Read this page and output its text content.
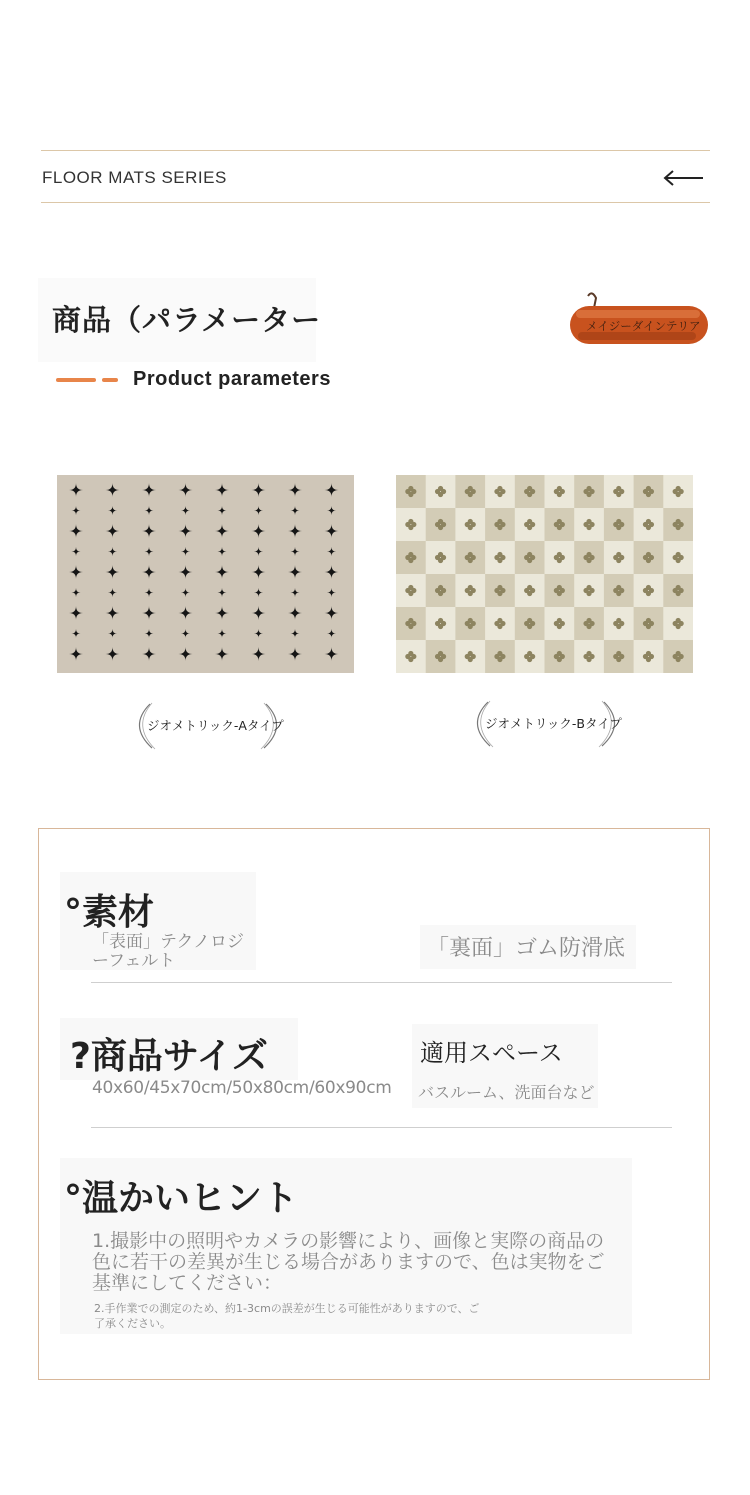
FLOOR MATS SERIES
商品（パラメーター
Product parameters
メイジーダインテリア
ジオメトリック-Aタイプ	ジオメトリック-Bタイプ
°素材
「表面」テクノロジ
ーフェルト	「裏面」ゴム防滑底
?商品サイズ
40x60/45x70cm/50x80cm/60x90cm
適用スペース
バスルーム、洗面台など
°温かいヒント
1.撮影中の照明やカメラの影響により、画像と実際の商品の
色に若干の差異が生じる場合がありますので、色は実物をご
基準にしてください：
2.手作業での測定のため、約1-3cmの誤差が生じる可能性がありますので、ご
了承ください。
